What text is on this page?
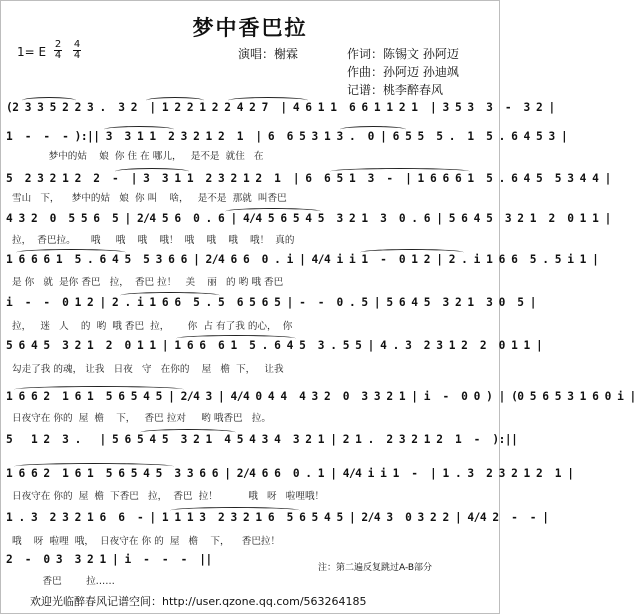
梦中香巴拉
1= E
2
4
4
4	演唱：榭霖	作词：陈锡文 孙阿迈
作曲：孙阿迈 孙迪飒
记谱：桃李醉春风
(2 3 3 5 2 2 3 .  3 2  | 1 2 2 1 2 2 4 2 7  | 4 6 1 1  6 6 1 1 2 1  | 3 5 3  3  -  3 2 |
1  -  -  - ):|| 3  3 1 1  2 3 2 1 2  1  | 6  6 5 3 1 3 .  0 | 6 5 5  5 .  1  5 . 6 4 5 3 |
梦中的姑    娘  你 住 在 哪儿，   是不是  就住   在
5  2 3 2 1 2  2  -  | 3  3 1 1  2 3 2 1 2  1  | 6  6 5 1  3  -  | 1 6 6 6 1  5 . 6 4 5  5 3 4 4 |
雪山   下，    梦中的姑   娘  你 叫    啥，   是不是  那就  叫香巴
4 3 2  0  5 5 6  5 | 2/4 5 6  0 . 6 | 4/4 5 6 5 4 5  3 2 1  3  0 . 6 | 5 6 4 5  3 2 1  2  0 1 1 |
拉，  香巴拉。     哦     哦    哦    哦！  哦    哦    哦    哦！  真的
1 6 6 6 1  5 . 6 4 5  5 3 6 6 | 2/4 6 6  0 . i | 4/4 i i 1  -  0 1 2 | 2 . i 1 6 6  5 . 5 i 1 |
是 你   就  是你 香巴   拉，  香巴 拉！   美    丽   的 哟 哦 香巴
i  -  -  0 1 2 | 2 . i 1 6 6  5 . 5  6 5 6 5 | -  -  0 . 5 | 5 6 4 5  3 2 1  3 0  5 |
拉，   迷   人    的  哟  哦 香巴  拉，      你  占 有了我 的心，  你
5 6 4 5  3 2 1  2  0 1 1 | 1 6 6  6 1  5 . 6 4 5  3 . 5 5 | 4 . 3  2 3 1 2  2  0 1 1 |
勾走了我 的魂， 让我   日夜   守   在你的    屋   檐  下，   让我
1 6 6 2  1 6 1  5 6 5 4 5 | 2/4 3 | 4/4 0 4 4  4 3 2  0  3 3 2 1 | i  -  0 0 ) | (0 5 6 5 3 1 6 0 i |
日夜守在 你的  屋  檐    下，   香巴 拉对     哟 哦香巴   拉。
5   1 2  3 .   | 5 6 5 4 5  3 2 1  4 5 4 3 4  3 2 1 | 2 1 .  2 3 2 1 2  1  -  ):||
1 6 6 2  1 6 1  5 6 5 4 5  3 3 6 6 | 2/4 6 6  0 . 1 | 4/4 i i 1  -  | 1 . 3  2 3 2 1 2  1 |
日夜守在 你的  屋  檐  下香巴   拉，  香巴  拉！          哦   呀   啦哩哦！
1 . 3  2 3 2 1 6  6  - | 1 1 1 3  2 3 2 1 6  5 6 5 4 5 | 2/4 3  0 3 2 2 | 4/4 2  -  - |
哦    呀  啦哩  哦，  日夜守在 你 的  屋   檐    下，    香巴拉！
2  -  0 3  3 2 1 | i  -  -  -  ||
香巴        拉……
注：第二遍反复跳过A-B部分
欢迎光临醉春风记谱空间：http://user.qzone.qq.com/563264185
